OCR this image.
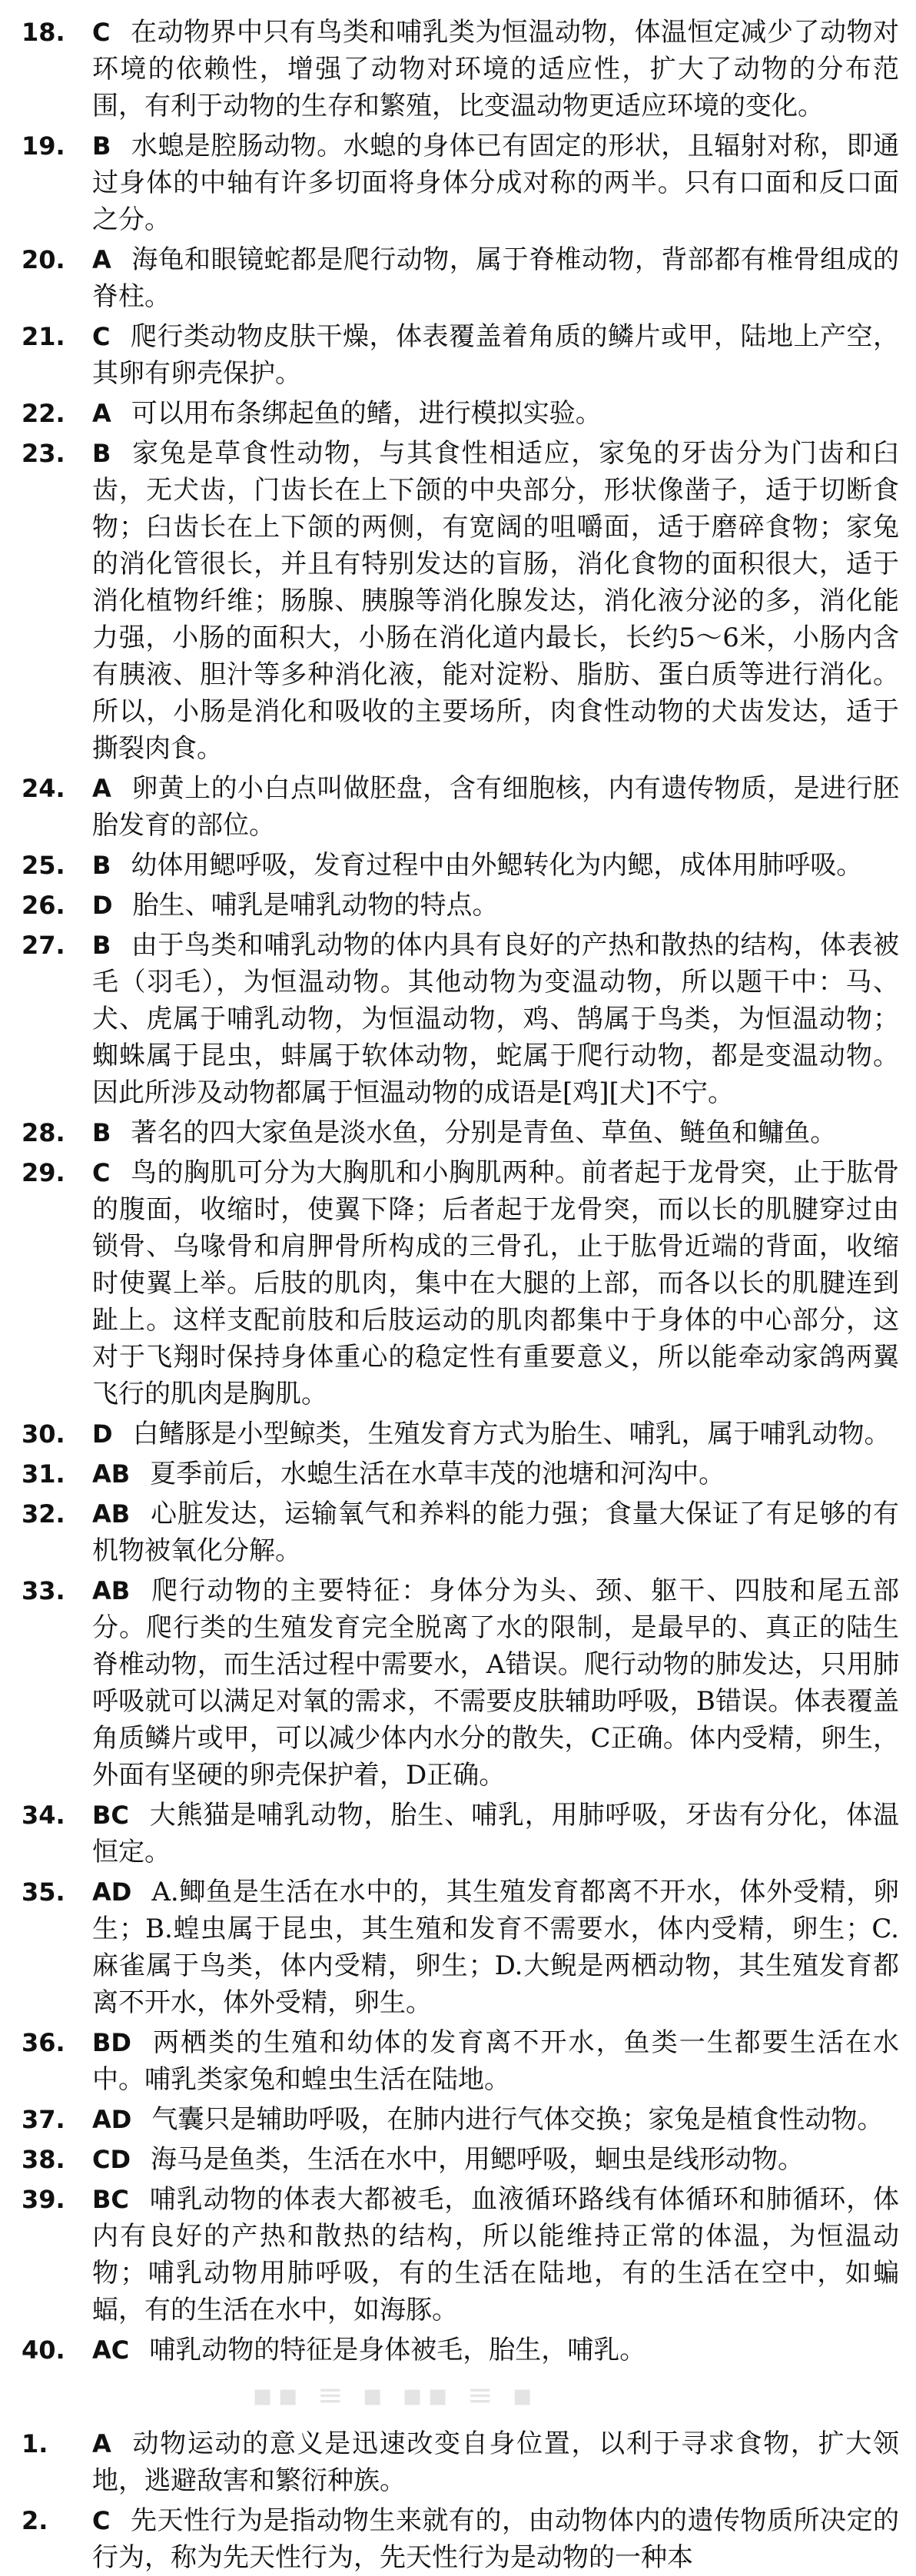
18. C 在动物界中只有鸟类和哺乳类为恒温动物，体温恒定减少了动物对环境的依赖性，增强了动物对环境的适应性，扩大了动物的分布范围，有利于动物的生存和繁殖，比变温动物更适应环境的变化。
19. B 水螅是腔肠动物。水螅的身体已有固定的形状，且辐射对称，即通过身体的中轴有许多切面将身体分成对称的两半。只有口面和反口面之分。
20. A 海龟和眼镜蛇都是爬行动物，属于脊椎动物，背部都有椎骨组成的脊柱。
21. C 爬行类动物皮肤干燥，体表覆盖着角质的鳞片或甲，陆地上产空，其卵有卵壳保护。
22. A 可以用布条绑起鱼的鳍，进行模拟实验。
23. B 家兔是草食性动物，与其食性相适应，家兔的牙齿分为门齿和臼齿，无犬齿，门齿长在上下颌的中央部分，形状像凿子，适于切断食物；臼齿长在上下颌的两侧，有宽阔的咀嚼面，适于磨碎食物；家兔的消化管很长，并且有特别发达的盲肠，消化食物的面积很大，适于消化植物纤维；肠腺、胰腺等消化腺发达，消化液分泌的多，消化能力强，小肠的面积大，小肠在消化道内最长，长约5～6米，小肠内含有胰液、胆汁等多种消化液，能对淀粉、脂肪、蛋白质等进行消化。所以，小肠是消化和吸收的主要场所，肉食性动物的犬齿发达，适于撕裂肉食。
24. A 卵黄上的小白点叫做胚盘，含有细胞核，内有遗传物质，是进行胚胎发育的部位。
25. B 幼体用鳃呼吸，发育过程中由外鳃转化为内鳃，成体用肺呼吸。
26. D 胎生、哺乳是哺乳动物的特点。
27. B 由于鸟类和哺乳动物的体内具有良好的产热和散热的结构，体表被毛（羽毛），为恒温动物。其他动物为变温动物，所以题干中：马、犬、虎属于哺乳动物，为恒温动物，鸡、鹄属于鸟类，为恒温动物；蜘蛛属于昆虫，蚌属于软体动物，蛇属于爬行动物，都是变温动物。因此所涉及动物都属于恒温动物的成语是[鸡][犬]不宁。
28. B 著名的四大家鱼是淡水鱼，分别是青鱼、草鱼、鲢鱼和鳙鱼。
29. C 鸟的胸肌可分为大胸肌和小胸肌两种。前者起于龙骨突，止于肱骨的腹面，收缩时，使翼下降；后者起于龙骨突，而以长的肌腱穿过由锁骨、乌喙骨和肩胛骨所构成的三骨孔，止于肱骨近端的背面，收缩时使翼上举。后肢的肌肉，集中在大腿的上部，而各以长的肌腱连到趾上。这样支配前肢和后肢运动的肌肉都集中于身体的中心部分，这对于飞翔时保持身体重心的稳定性有重要意义，所以能牵动家鸽两翼飞行的肌肉是胸肌。
30. D 白鳍豚是小型鲸类，生殖发育方式为胎生、哺乳，属于哺乳动物。
31. AB 夏季前后，水螅生活在水草丰茂的池塘和河沟中。
32. AB 心脏发达，运输氧气和养料的能力强；食量大保证了有足够的有机物被氧化分解。
33. AB 爬行动物的主要特征：身体分为头、颈、躯干、四肢和尾五部分。爬行类的生殖发育完全脱离了水的限制，是最早的、真正的陆生脊椎动物，而生活过程中需要水，A错误。爬行动物的肺发达，只用肺呼吸就可以满足对氧的需求，不需要皮肤辅助呼吸，B错误。体表覆盖角质鳞片或甲，可以减少体内水分的散失，C正确。体内受精，卵生，外面有坚硬的卵壳保护着，D正确。
34. BC 大熊猫是哺乳动物，胎生、哺乳，用肺呼吸，牙齿有分化，体温恒定。
35. AD A.鲫鱼是生活在水中的，其生殖发育都离不开水，体外受精，卵生；B.蝗虫属于昆虫，其生殖和发育不需要水，体内受精，卵生；C.麻雀属于鸟类，体内受精，卵生；D.大鲵是两栖动物，其生殖发育都离不开水，体外受精，卵生。
36. BD 两栖类的生殖和幼体的发育离不开水，鱼类一生都要生活在水中。哺乳类家兔和蝗虫生活在陆地。
37. AD 气囊只是辅助呼吸，在肺内进行气体交换；家兔是植食性动物。
38. CD 海马是鱼类，生活在水中，用鳃呼吸，蛔虫是线形动物。
39. BC 哺乳动物的体表大都被毛，血液循环路线有体循环和肺循环，体内有良好的产热和散热的结构，所以能维持正常的体温，为恒温动物；哺乳动物用肺呼吸，有的生活在陆地，有的生活在空中，如蝙蝠，有的生活在水中，如海豚。
40. AC 哺乳动物的特征是身体被毛，胎生，哺乳。
▪▪ ≡ ▪ ▪▪ ≡ ▪
1. A 动物运动的意义是迅速改变自身位置，以利于寻求食物，扩大领地，逃避敌害和繁衍种族。
2. C 先天性行为是指动物生来就有的，由动物体内的遗传物质所决定的行为，称为先天性行为，先天性行为是动物的一种本
